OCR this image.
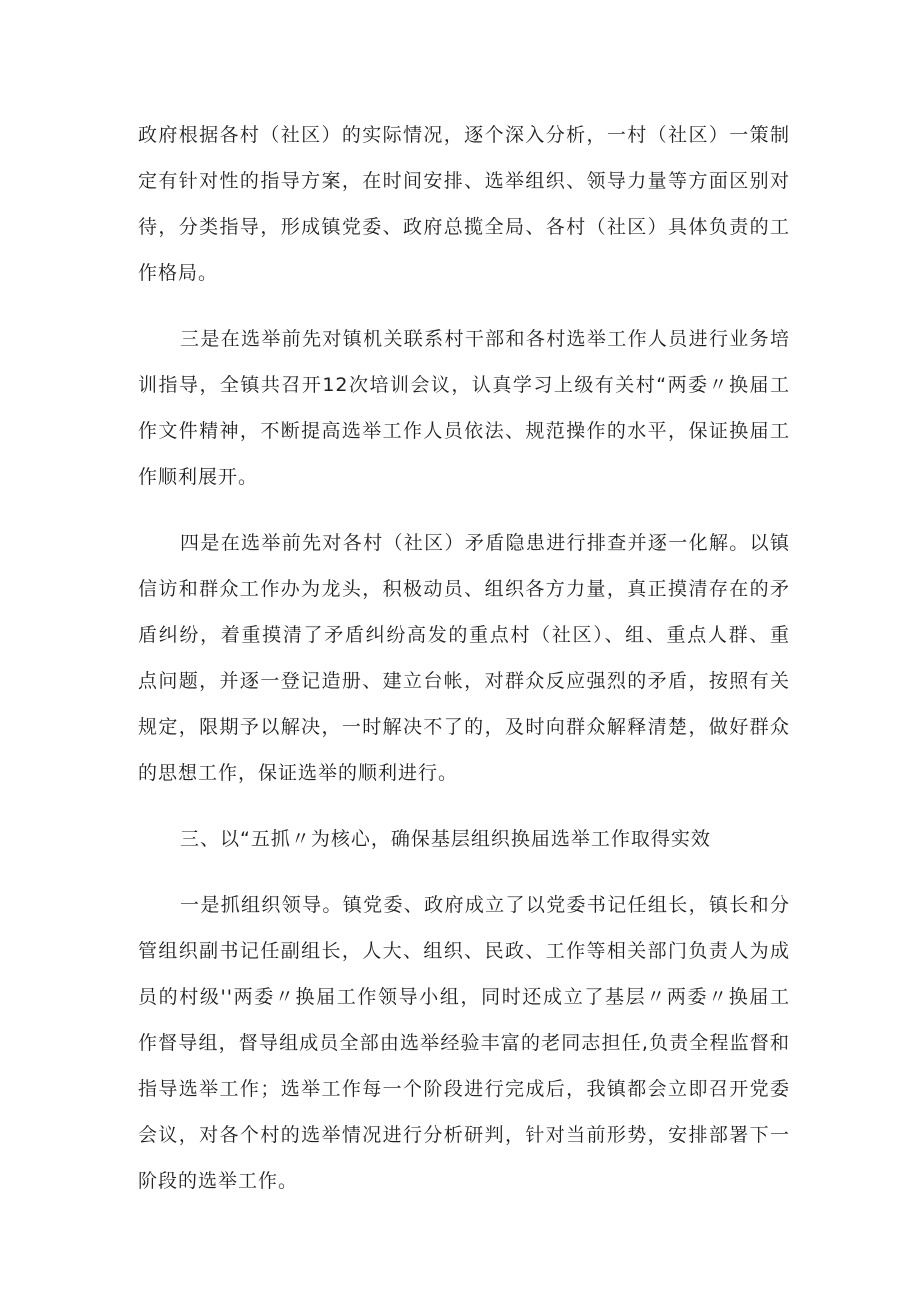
政府根据各村（社区）的实际情况，逐个深入分析，一村（社区）一策制
定有针对性的指导方案，在时间安排、选举组织、领导力量等方面区别对
待，分类指导，形成镇党委、政府总揽全局、各村（社区）具体负责的工
作格局。
三是在选举前先对镇机关联系村干部和各村选举工作人员进行业务培
训指导，全镇共召开12次培训会议，认真学习上级有关村“两委〃换届工
作文件精神，不断提高选举工作人员依法、规范操作的水平，保证换届工
作顺利展开。
四是在选举前先对各村（社区）矛盾隐患进行排查并逐一化解。以镇
信访和群众工作办为龙头，积极动员、组织各方力量，真正摸清存在的矛
盾纠纷，着重摸清了矛盾纠纷高发的重点村（社区）、组、重点人群、重
点问题，并逐一登记造册、建立台帐，对群众反应强烈的矛盾，按照有关
规定，限期予以解决，一时解决不了的，及时向群众解释清楚，做好群众
的思想工作，保证选举的顺利进行。
三、以“五抓〃为核心，确保基层组织换届选举工作取得实效
一是抓组织领导。镇党委、政府成立了以党委书记任组长，镇长和分
管组织副书记任副组长，人大、组织、民政、工作等相关部门负责人为成
员的村级''两委〃换届工作领导小组，同时还成立了基层〃两委〃换届工
作督导组，督导组成员全部由选举经验丰富的老同志担任,负责全程监督和
指导选举工作；选举工作每一个阶段进行完成后，我镇都会立即召开党委
会议，对各个村的选举情况进行分析研判，针对当前形势，安排部署下一
阶段的选举工作。
